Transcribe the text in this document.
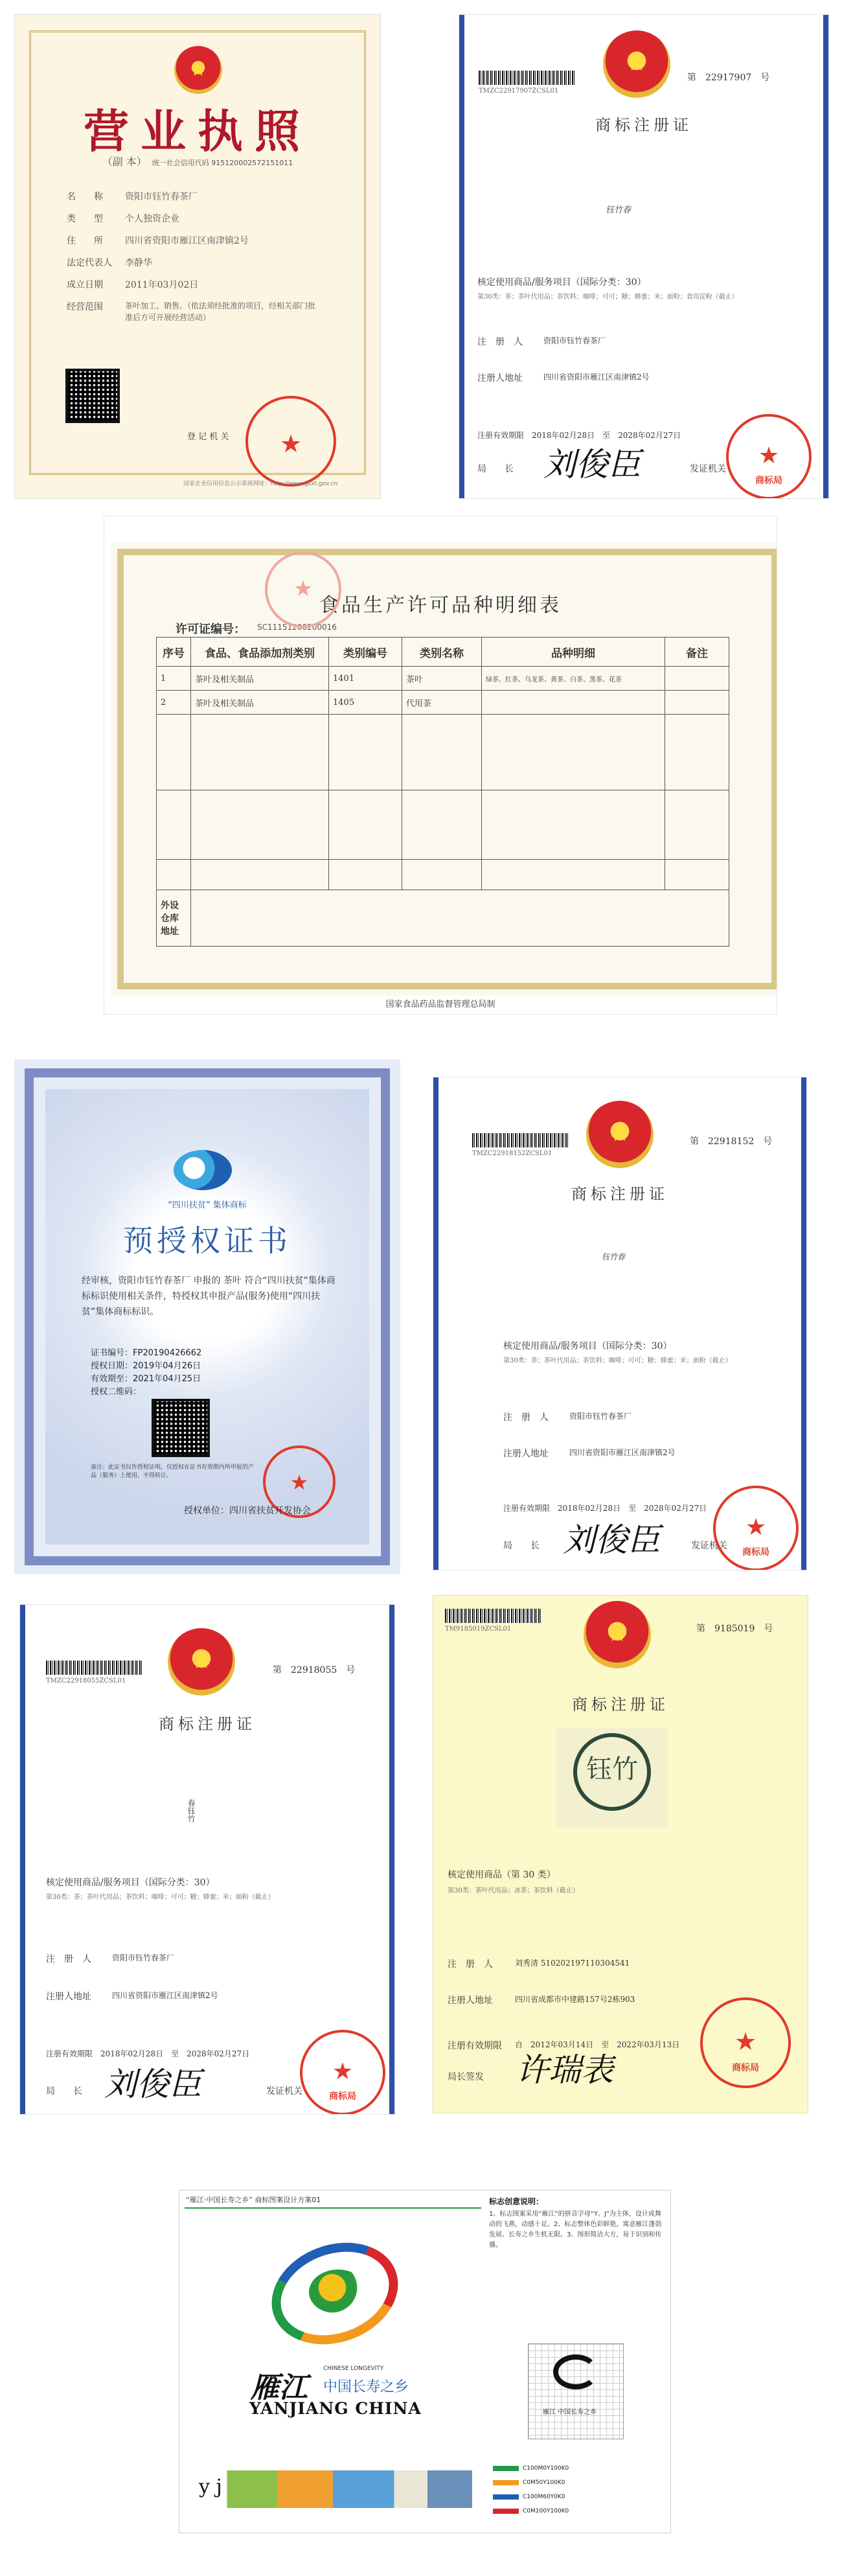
★
营业执照
（副 本）　 统一社会信用代码 915120002572151011
名　　称 资阳市钰竹春茶厂
类　　型 个人独资企业
住　　所 四川省资阳市雁江区南津镇2号
法定代表人 李静华
成立日期 2011年03月02日
经营范围	茶叶加工、销售。（依法须经批准的项目，经相关部门批准后方可开展经营活动）
登 记 机 关	★
国家企业信用信息公示系统网址：http://www.gsxt.gov.cn
TMZC22917907ZCSL01
★
第　22917907　号
商标注册证
钰竹春
核定使用商品/服务项目（国际分类：30）
第30类：茶；茶叶代用品；茶饮料；咖啡；可可；糖；蜂蜜；米；面粉；食用淀粉（截止）
注　册　人	资阳市钰竹春茶厂
注册人地址	四川省资阳市雁江区南津镇2号
注册有效期限　2018年02月28日　至　2028年02月27日
局　　长 刘俊臣	发证机关	★
商标局
食品生产许可品种明细表
许可证编号： SC11151200200016
★
序号	食品、食品添加剂类别	类别编号	类别名称	品种明细	备注
1	茶叶及相关制品	1401	茶叶	绿茶、红茶、乌龙茶、黄茶、白茶、黑茶、花茶	
2	茶叶及相关制品	1405	代用茶		

外设仓库地址					
国家食品药品监督管理总局制
“四川扶贫” 集体商标
预授权证书
经审核，资阳市钰竹春茶厂 申报的 茶叶 符合“四川扶贫”集体商标标识使用相关条件，特授权其申报产品(服务)使用“四川扶贫”集体商标标识。
证书编号：FP20190426662
授权日期：2019年04月26日
有效期至：2021年04月25日
授权二维码：
备注：此证书仅作授权证明，仅授权在证书有效期内所申报的产品（服务）上使用，不得转让。	★
授权单位：四川省扶贫开发协会
TMZC22918152ZCSL01
★	第　22918152　号
商标注册证
钰竹春
核定使用商品/服务项目（国际分类：30）
第30类：茶；茶叶代用品；茶饮料；咖啡；可可；糖；蜂蜜；米；面粉（截止）
注　册　人	资阳市钰竹春茶厂
注册人地址	四川省资阳市雁江区南津镇2号
注册有效期限　2018年02月28日　至　2028年02月27日
局　　长 刘俊臣	发证机关
★
商标局
TMZC22918055ZCSL01
★	第　22918055　号
商标注册证
春钰竹
核定使用商品/服务项目（国际分类：30）
第30类：茶；茶叶代用品；茶饮料；咖啡；可可；糖；蜂蜜；米；面粉（截止）
注　册　人	资阳市钰竹春茶厂
注册人地址	四川省资阳市雁江区南津镇2号
注册有效期限　2018年02月28日　至　2028年02月27日
局　　长 刘俊臣	发证机关
★
商标局
TM9185019ZCSL01	★	第　9185019　号
商标注册证
钰竹
核定使用商品（第 30 类）
第30类：茶叶代用品；冰茶；茶饮料（截止）
注　册　人	刘秀清 510202197110304541
注册人地址	四川省成都市中建路157号2栋903
注册有效期限 自　2012年03月14日　至　2022年03月13日
局长签发 许瑞表
★
商标局
“雁江·中国长寿之乡” 商标图案设计方案01
雁江
CHINESE LONGEVITY
中国长寿之乡
YANJIANG CHINA
y j
标志创意说明：
1、标志图案采用“雁江”的拼音字母“Y、J”为主体，设计成舞动的飞燕，动感十足。2、标志整体色彩鲜艳，寓意雁江蓬勃发展、长寿之乡生机无限。3、图形简洁大方，易于识别和传播。
雁江 中国长寿之乡
C100M0Y100K0
C0M50Y100K0
C100M60Y0K0
C0M100Y100K0
